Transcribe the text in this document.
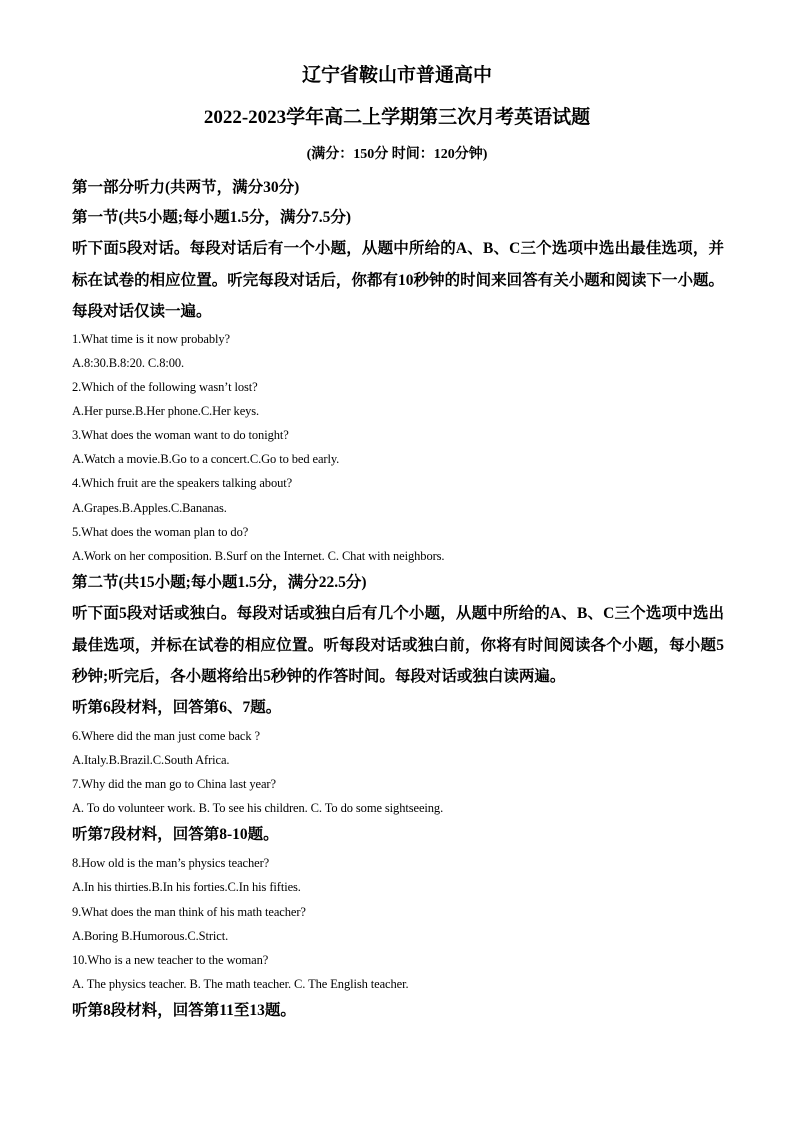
辽宁省鞍山市普通高中
2022-2023学年高二上学期第三次月考英语试题
(满分：150分 时间：120分钟)
第一部分听力(共两节，满分30分)
第一节(共5小题;每小题1.5分，满分7.5分)
听下面5段对话。每段对话后有一个小题，从题中所给的A、B、C三个选项中选出最佳选项，并标在试卷的相应位置。听完每段对话后，你都有10秒钟的时间来回答有关小题和阅读下一小题。每段对话仅读一遍。
1.What time is it now probably?
A.8:30.B.8:20. C.8:00.
2.Which of the following wasn’t lost?
A.Her purse.B.Her phone.C.Her keys.
3.What does the woman want to do tonight?
A.Watch a movie.B.Go to a concert.C.Go to bed early.
4.Which fruit are the speakers talking about?
A.Grapes.B.Apples.C.Bananas.
5.What does the woman plan to do?
A.Work on her composition. B.Surf on the Internet. C. Chat with neighbors.
第二节(共15小题;每小题1.5分，满分22.5分)
听下面5段对话或独白。每段对话或独白后有几个小题，从题中所给的A、B、C三个选项中选出最佳选项，并标在试卷的相应位置。听每段对话或独白前，你将有时间阅读各个小题，每小题5秒钟;听完后，各小题将给出5秒钟的作答时间。每段对话或独白读两遍。
听第6段材料，回答第6、7题。
6.Where did the man just come back ?
A.Italy.B.Brazil.C.South Africa.
7.Why did the man go to China last year?
A. To do volunteer work. B. To see his children. C. To do some sightseeing.
听第7段材料，回答第8-10题。
8.How old is the man’s physics teacher?
A.In his thirties.B.In his forties.C.In his fifties.
9.What does the man think of his math teacher?
A.Boring B.Humorous.C.Strict.
10.Who is a new teacher to the woman?
A. The physics teacher. B. The math teacher. C. The English teacher.
听第8段材料，回答第11至13题。
